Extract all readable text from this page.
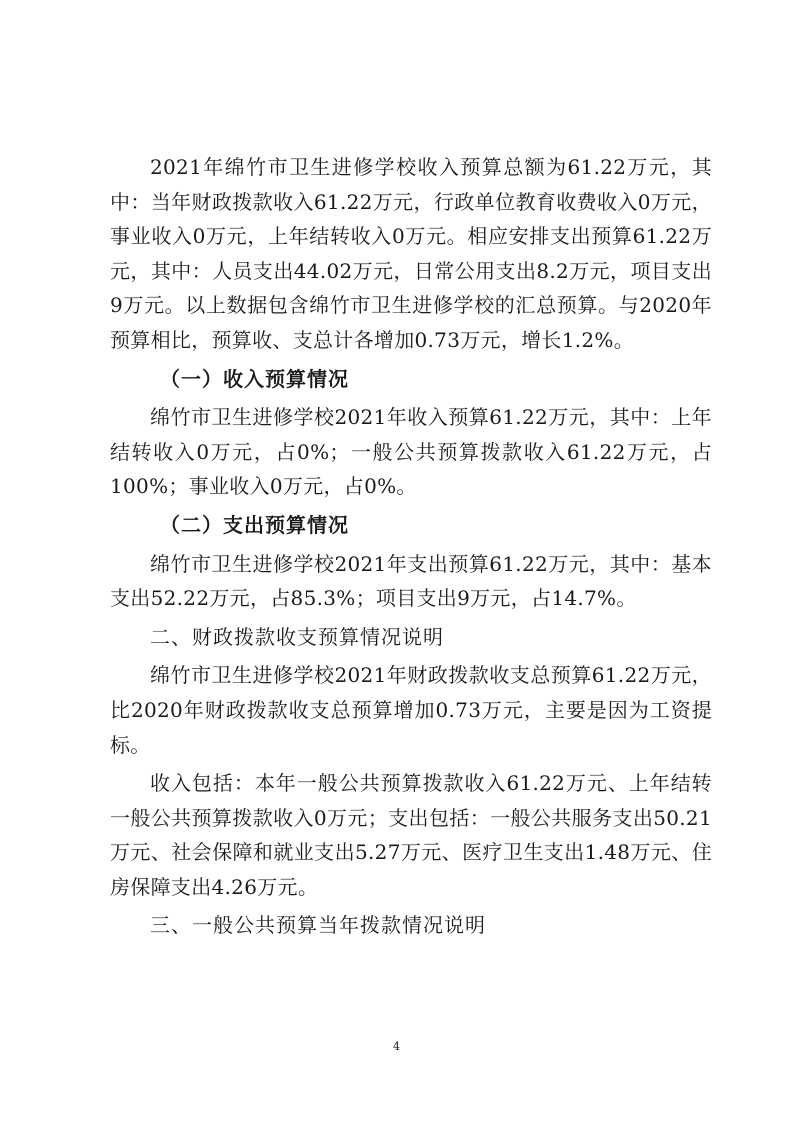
2021年绵竹市卫生进修学校收入预算总额为61.22万元，其中：当年财政拨款收入61.22万元，行政单位教育收费收入0万元，事业收入0万元，上年结转收入0万元。相应安排支出预算61.22万元，其中：人员支出44.02万元，日常公用支出8.2万元，项目支出9万元。以上数据包含绵竹市卫生进修学校的汇总预算。与2020年预算相比，预算收、支总计各增加0.73万元，增长1.2%。

（一）收入预算情况

绵竹市卫生进修学校2021年收入预算61.22万元，其中：上年结转收入0万元，占0%；一般公共预算拨款收入61.22万元，占100%；事业收入0万元，占0%。

（二）支出预算情况

绵竹市卫生进修学校2021年支出预算61.22万元，其中：基本支出52.22万元，占85.3%；项目支出9万元，占14.7%。

二、财政拨款收支预算情况说明

绵竹市卫生进修学校2021年财政拨款收支总预算61.22万元，比2020年财政拨款收支总预算增加0.73万元，主要是因为工资提标。

收入包括：本年一般公共预算拨款收入61.22万元、上年结转一般公共预算拨款收入0万元；支出包括：一般公共服务支出50.21万元、社会保障和就业支出5.27万元、医疗卫生支出1.48万元、住房保障支出4.26万元。

三、一般公共预算当年拨款情况说明

4
